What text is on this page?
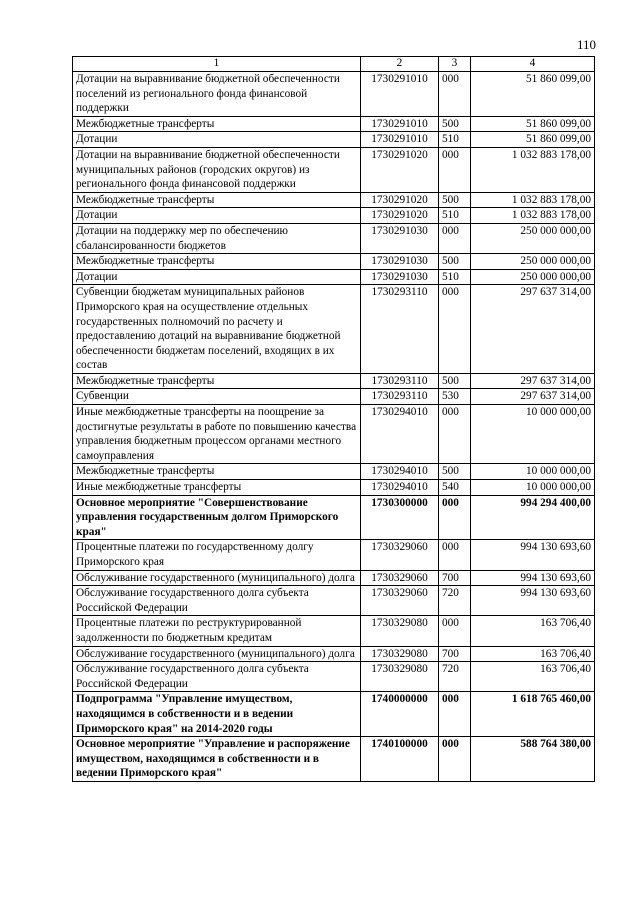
110
1	2	3	4
Дотации на выравнивание бюджетной обеспеченности поселений из регионального фонда финансовой поддержки	1730291010	000	51 860 099,00
Межбюджетные трансферты	1730291010	500	51 860 099,00
Дотации	1730291010	510	51 860 099,00
Дотации на выравнивание бюджетной обеспеченности муниципальных районов (городских округов) из регионального фонда финансовой поддержки	1730291020	000	1 032 883 178,00
Межбюджетные трансферты	1730291020	500	1 032 883 178,00
Дотации	1730291020	510	1 032 883 178,00
Дотации на поддержку мер по обеспечению сбалансированности бюджетов	1730291030	000	250 000 000,00
Межбюджетные трансферты	1730291030	500	250 000 000,00
Дотации	1730291030	510	250 000 000,00
Субвенции бюджетам муниципальных районов Приморского края на осуществление отдельных государственных полномочий по расчету и предоставлению дотаций на выравнивание бюджетной обеспеченности бюджетам поселений, входящих в их состав	1730293110	000	297 637 314,00
Межбюджетные трансферты	1730293110	500	297 637 314,00
Субвенции	1730293110	530	297 637 314,00
Иные межбюджетные трансферты на поощрение за достигнутые результаты в работе по повышению качества управления бюджетным процессом органами местного самоуправления	1730294010	000	10 000 000,00
Межбюджетные трансферты	1730294010	500	10 000 000,00
Иные межбюджетные трансферты	1730294010	540	10 000 000,00
Основное мероприятие "Совершенствование управления государственным долгом Приморского края"	1730300000	000	994 294 400,00
Процентные платежи по государственному долгу Приморского края	1730329060	000	994 130 693,60
Обслуживание государственного (муниципального) долга	1730329060	700	994 130 693,60
Обслуживание государственного долга субъекта Российской Федерации	1730329060	720	994 130 693,60
Процентные платежи по реструктурированной задолженности по бюджетным кредитам	1730329080	000	163 706,40
Обслуживание государственного (муниципального) долга	1730329080	700	163 706,40
Обслуживание государственного долга субъекта Российской Федерации	1730329080	720	163 706,40
Подпрограмма "Управление имуществом, находящимся в собственности и в ведении Приморского края" на 2014-2020 годы	1740000000	000	1 618 765 460,00
Основное мероприятие "Управление и распоряжение имуществом, находящимся в собственности и в ведении Приморского края"	1740100000	000	588 764 380,00
